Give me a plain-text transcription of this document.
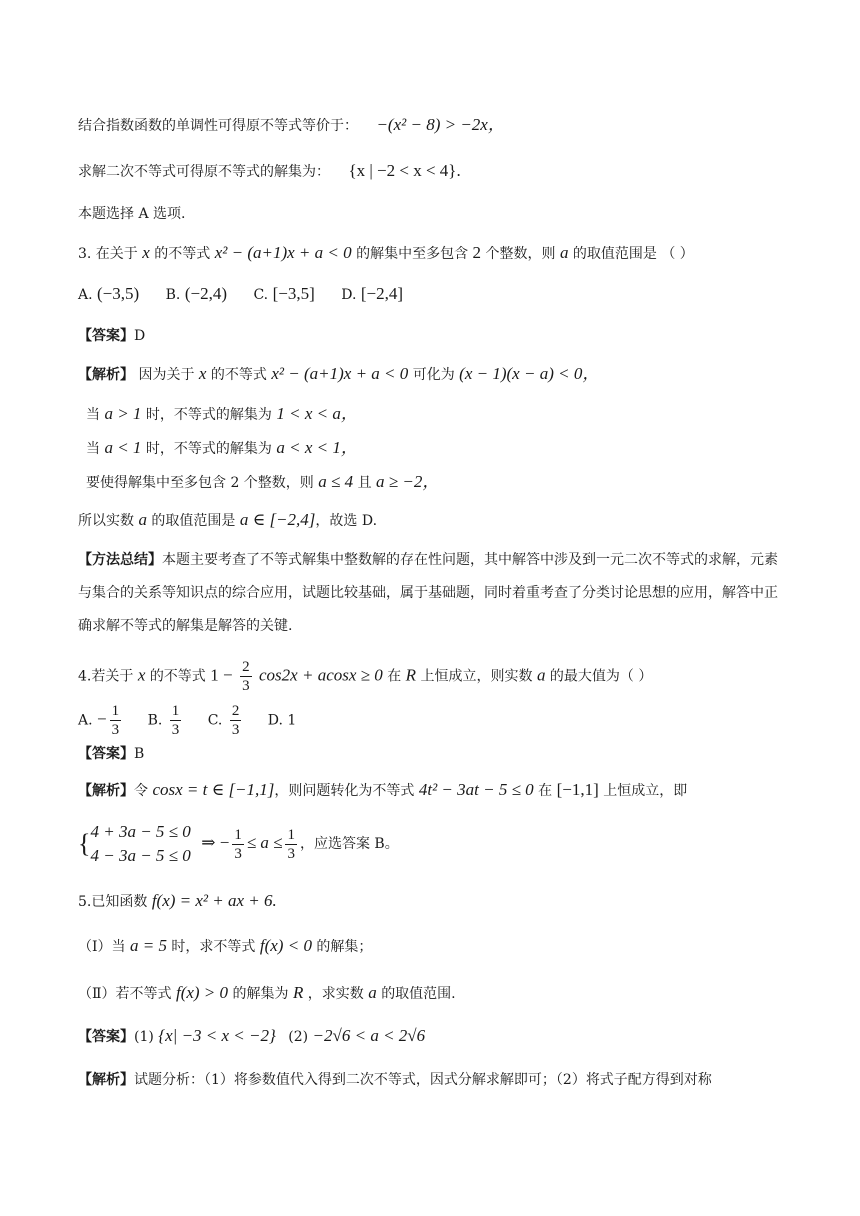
结合指数函数的单调性可得原不等式等价于： −(x² − 8) > −2x，
求解二次不等式可得原不等式的解集为： {x | −2 < x < 4}.
本题选择 A 选项.
3. 在关于 x 的不等式 x² − (a+1)x + a < 0 的解集中至多包含 2 个整数，则 a 的取值范围是 （ ）
A. (−3,5) B. (−2,4) C. [−3,5] D. [−2,4]
【答案】D
【解析】 因为关于 x 的不等式 x² − (a+1)x + a < 0 可化为 (x − 1)(x − a) < 0，
当 a > 1 时，不等式的解集为 1 < x < a，
当 a < 1 时，不等式的解集为 a < x < 1，
要使得解集中至多包含 2 个整数，则 a ≤ 4 且 a ≥ −2，
所以实数 a 的取值范围是 a ∈ [−2,4]，故选 D.
【方法总结】本题主要考查了不等式解集中整数解的存在性问题，其中解答中涉及到一元二次不等式的求解，元素与集合的关系等知识点的综合应用，试题比较基础，属于基础题，同时着重考查了分类讨论思想的应用，解答中正确求解不等式的解集是解答的关键.
4.若关于 x 的不等式 $1 - \frac{2}{3} \cos 2x + acosx \ge 0$ 在 R 上恒成立，则实数 a 的最大值为（ ）
A. − $\frac{1}{3} B$. $\frac{1}{3} C$. $\frac{2}{3} D$. 1
【答案】B
【解析】令 cosx = t ∈ [−1,1]，则问题转化为不等式 4t² − 3at − 5 ≤ 0 在 [−1,1] 上恒成立，即
{ 4 + 3a − 5 ≤ 0
4 − 3a − 5 ≤ 0
⇒ − $\frac{1}{3} \le a \le \frac{1}{3}$ ，应选答案 B。
5.已知函数 f(x) = x² + ax + 6.
（Ⅰ）当 a = 5 时，求不等式 f(x) < 0 的解集；
（Ⅱ）若不等式 f(x) > 0 的解集为 R ，求实数 a 的取值范围.
【答案】(1) {x| −3 < x < −2} (2) −2√6 < a < 2√6
【解析】试题分析：（1）将参数值代入得到二次不等式，因式分解求解即可；（2）将式子配方得到对称
